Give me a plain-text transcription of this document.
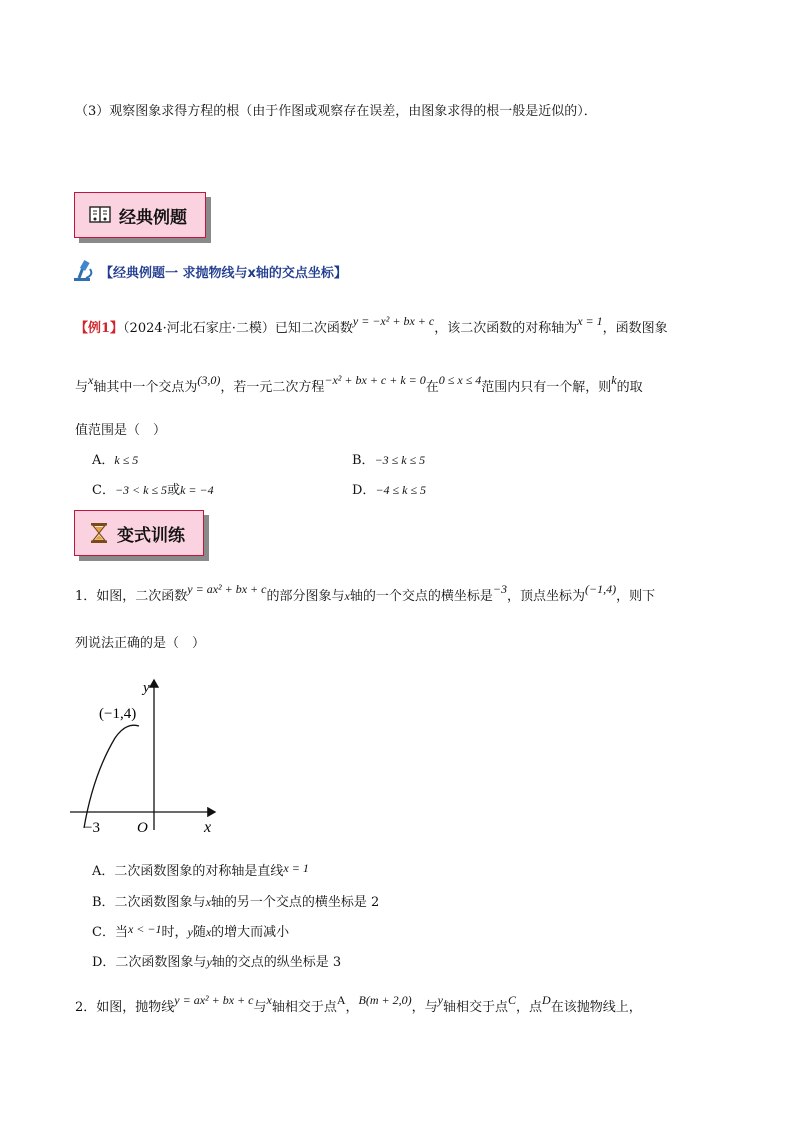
（3）观察图象求得方程的根（由于作图或观察存在误差，由图象求得的根一般是近似的）．
经典例题
【经典例题一 求抛物线与x轴的交点坐标】
【例1】（2024·河北石家庄·二模）已知二次函数y = −x² + bx + c，该二次函数的对称轴为x = 1，函数图象
与x轴其中一个交点为(3,0)，若一元二次方程−x² + bx + c + k = 0在0 ≤ x ≤ 4范围内只有一个解，则k的取
值范围是（　）
A．k ≤ 5	B．−3 ≤ k ≤ 5
C．−3 < k ≤ 5或k = −4	D．−4 ≤ k ≤ 5
变式训练
1．如图，二次函数y = ax² + bx + c的部分图象与x轴的一个交点的横坐标是−3，顶点坐标为(−1,4)，则下
列说法正确的是（　）
(−1,4)
y
x
O
−3
A．二次函数图象的对称轴是直线x = 1
B．二次函数图象与x轴的另一个交点的横坐标是 2
C．当x < −1时，y随x的增大而减小
D．二次函数图象与y轴的交点的纵坐标是 3
2．如图，抛物线y = ax² + bx + c与x轴相交于点A，B(m + 2,0)，与y轴相交于点C，点D在该抛物线上，
